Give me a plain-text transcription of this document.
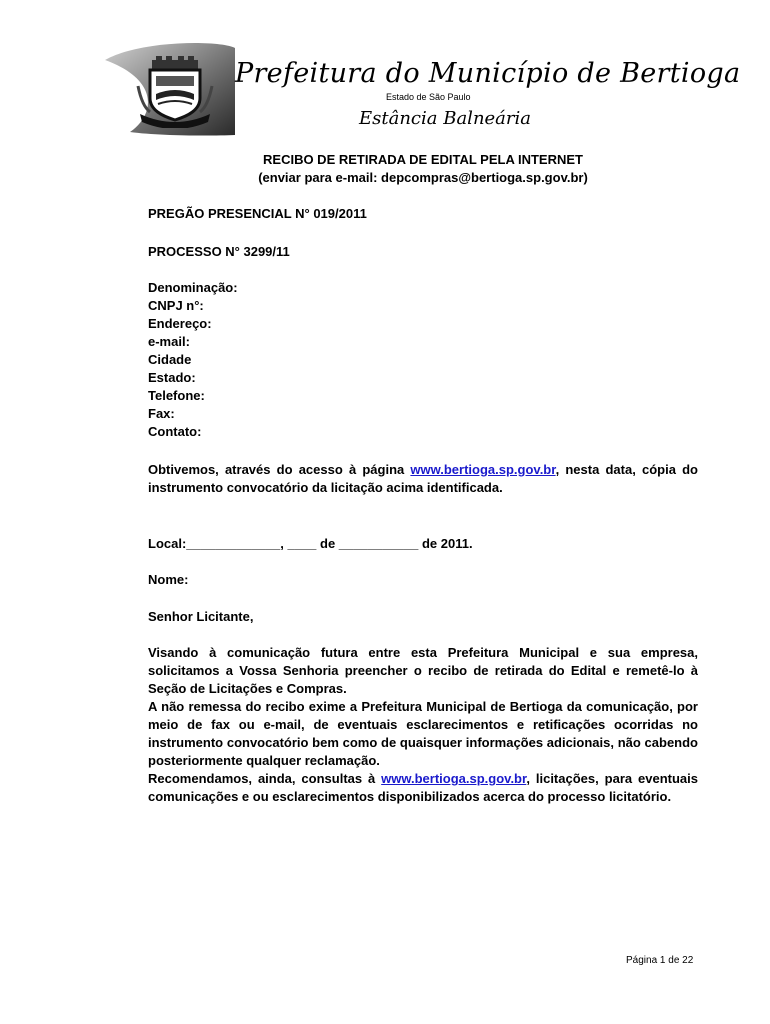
Prefeitura do Município de Bertioga
Estado de São Paulo
Estância Balneária
RECIBO DE RETIRADA DE EDITAL PELA INTERNET
(enviar para e-mail: depcompras@bertioga.sp.gov.br)
PREGÃO PRESENCIAL N° 019/2011
PROCESSO N° 3299/11
Denominação:
CNPJ n°:
Endereço:
e-mail:
Cidade
Estado:
Telefone:
Fax:
Contato:
Obtivemos, através do acesso à página www.bertioga.sp.gov.br, nesta data, cópia do instrumento convocatório da licitação acima identificada.
Local:_____________, ____ de ___________ de 2011.
Nome:
Senhor Licitante,

Visando à comunicação futura entre esta Prefeitura Municipal e sua empresa, solicitamos a Vossa Senhoria preencher o recibo de retirada do Edital e remetê-lo à Seção de Licitações e Compras.

A não remessa do recibo exime a Prefeitura Municipal de Bertioga da comunicação, por meio de fax ou e-mail, de eventuais esclarecimentos e retificações ocorridas no instrumento convocatório bem como de quaisquer informações adicionais, não cabendo posteriormente qualquer reclamação.

Recomendamos, ainda, consultas à www.bertioga.sp.gov.br, licitações, para eventuais comunicações e ou esclarecimentos disponibilizados acerca do processo licitatório.

Página 1 de 22
